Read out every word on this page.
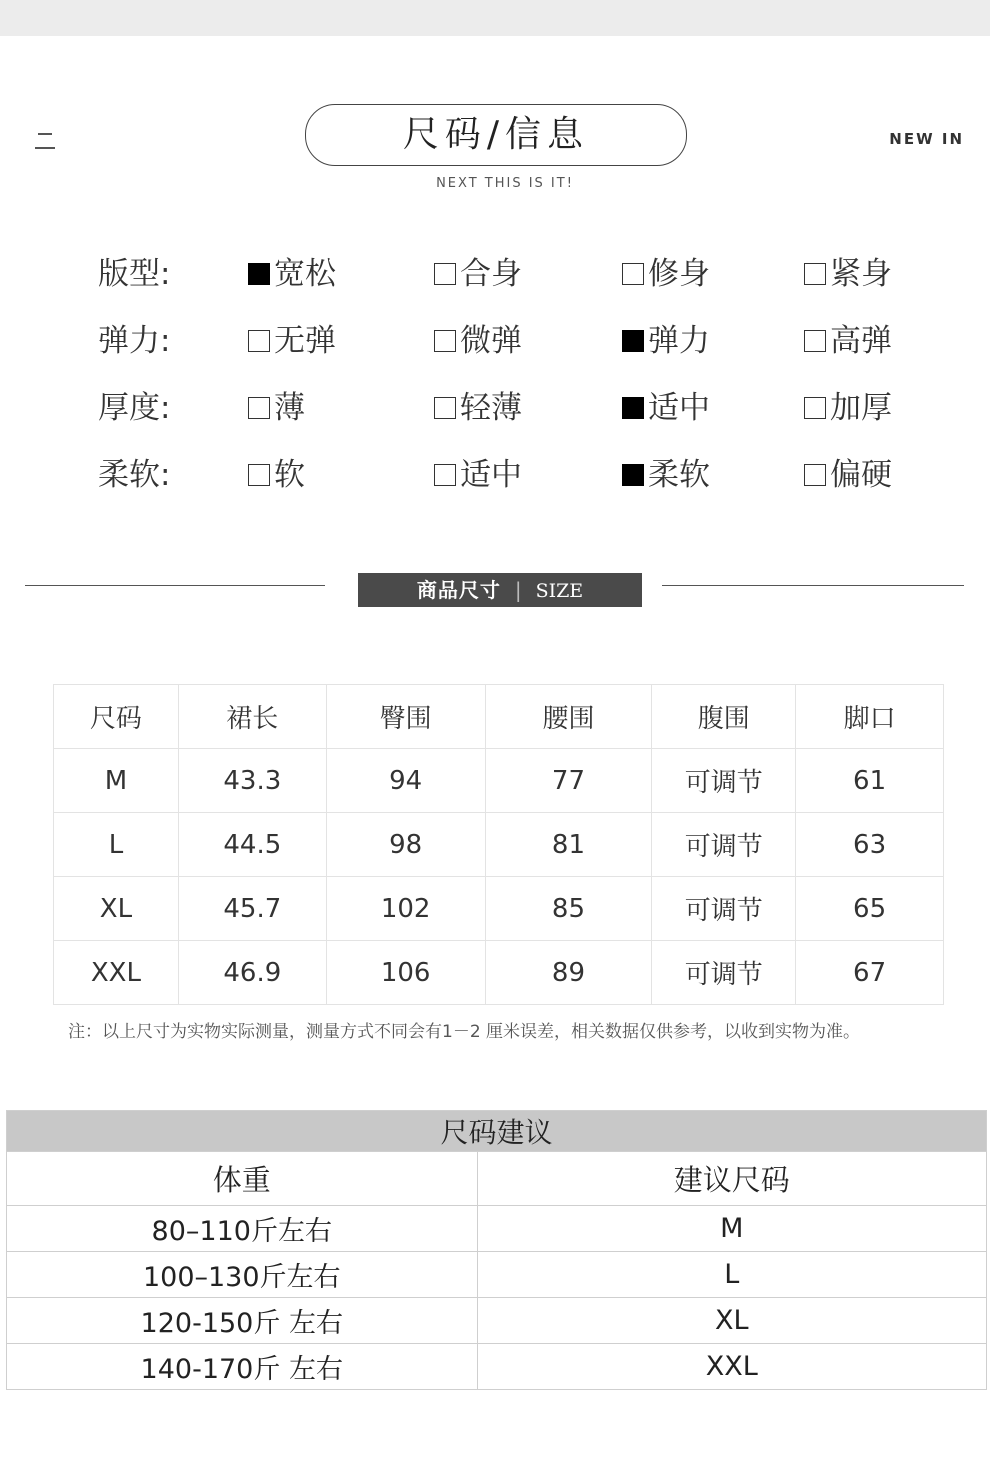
尺码/信息
NEXT THIS IS IT!
NEW IN
版型:	宽松	合身	修身	紧身
弹力:	无弹	微弹	弹力	高弹
厚度:	薄	轻薄	适中	加厚
柔软:	软	适中	柔软	偏硬
商品尺寸 | SIZE
尺码	裙长	臀围	腰围	腹围	脚口
M	43.3	94	77	可调节	61
L	44.5	98	81	可调节	63
XL	45.7	102	85	可调节	65
XXL	46.9	106	89	可调节	67
注：以上尺寸为实物实际测量，测量方式不同会有1－2 厘米误差，相关数据仅供参考，以收到实物为准。
尺码建议	
体重	建议尺码
80–110斤左右	M
100–130斤左右	L
120-150斤 左右	XL
140-170斤 左右	XXL
